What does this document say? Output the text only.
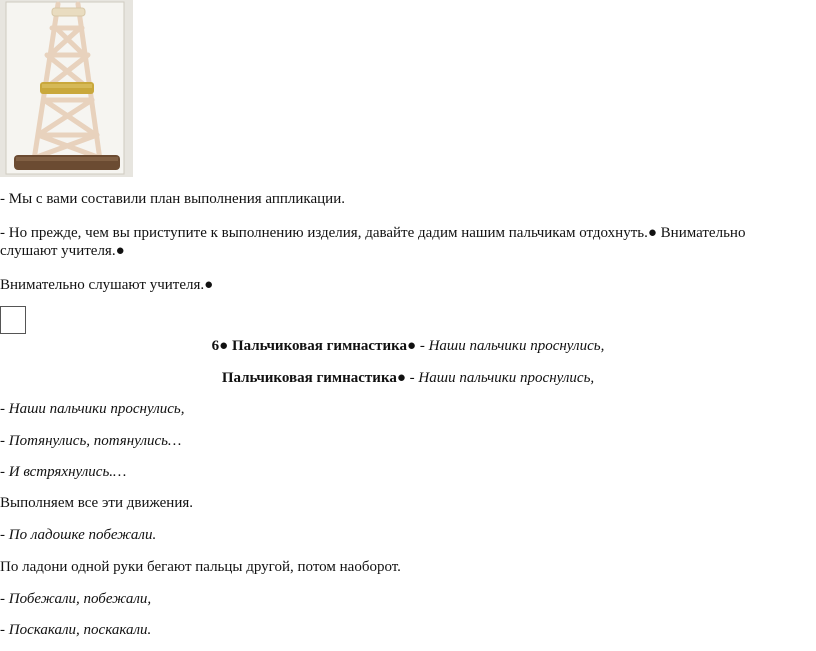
- Мы с вами составили план выполнения аппликации.
- Но прежде, чем вы приступите к выполнению изделия, давайте дадим нашим пальчикам отдохнуть.● Внимательно
слушают учителя.●
Внимательно слушают учителя.●
6● Пальчиковая гимнастика● - Наши пальчики проснулись,
Пальчиковая гимнастика● - Наши пальчики проснулись,
- Наши пальчики проснулись,
- Потянулись, потянулись…
- И встряхнулись.…
Выполняем все эти движения.
- По ладошке побежали.
По ладони одной руки бегают пальцы другой, потом наоборот.
- Побежали, побежали,
- Поскакали, поскакали.
